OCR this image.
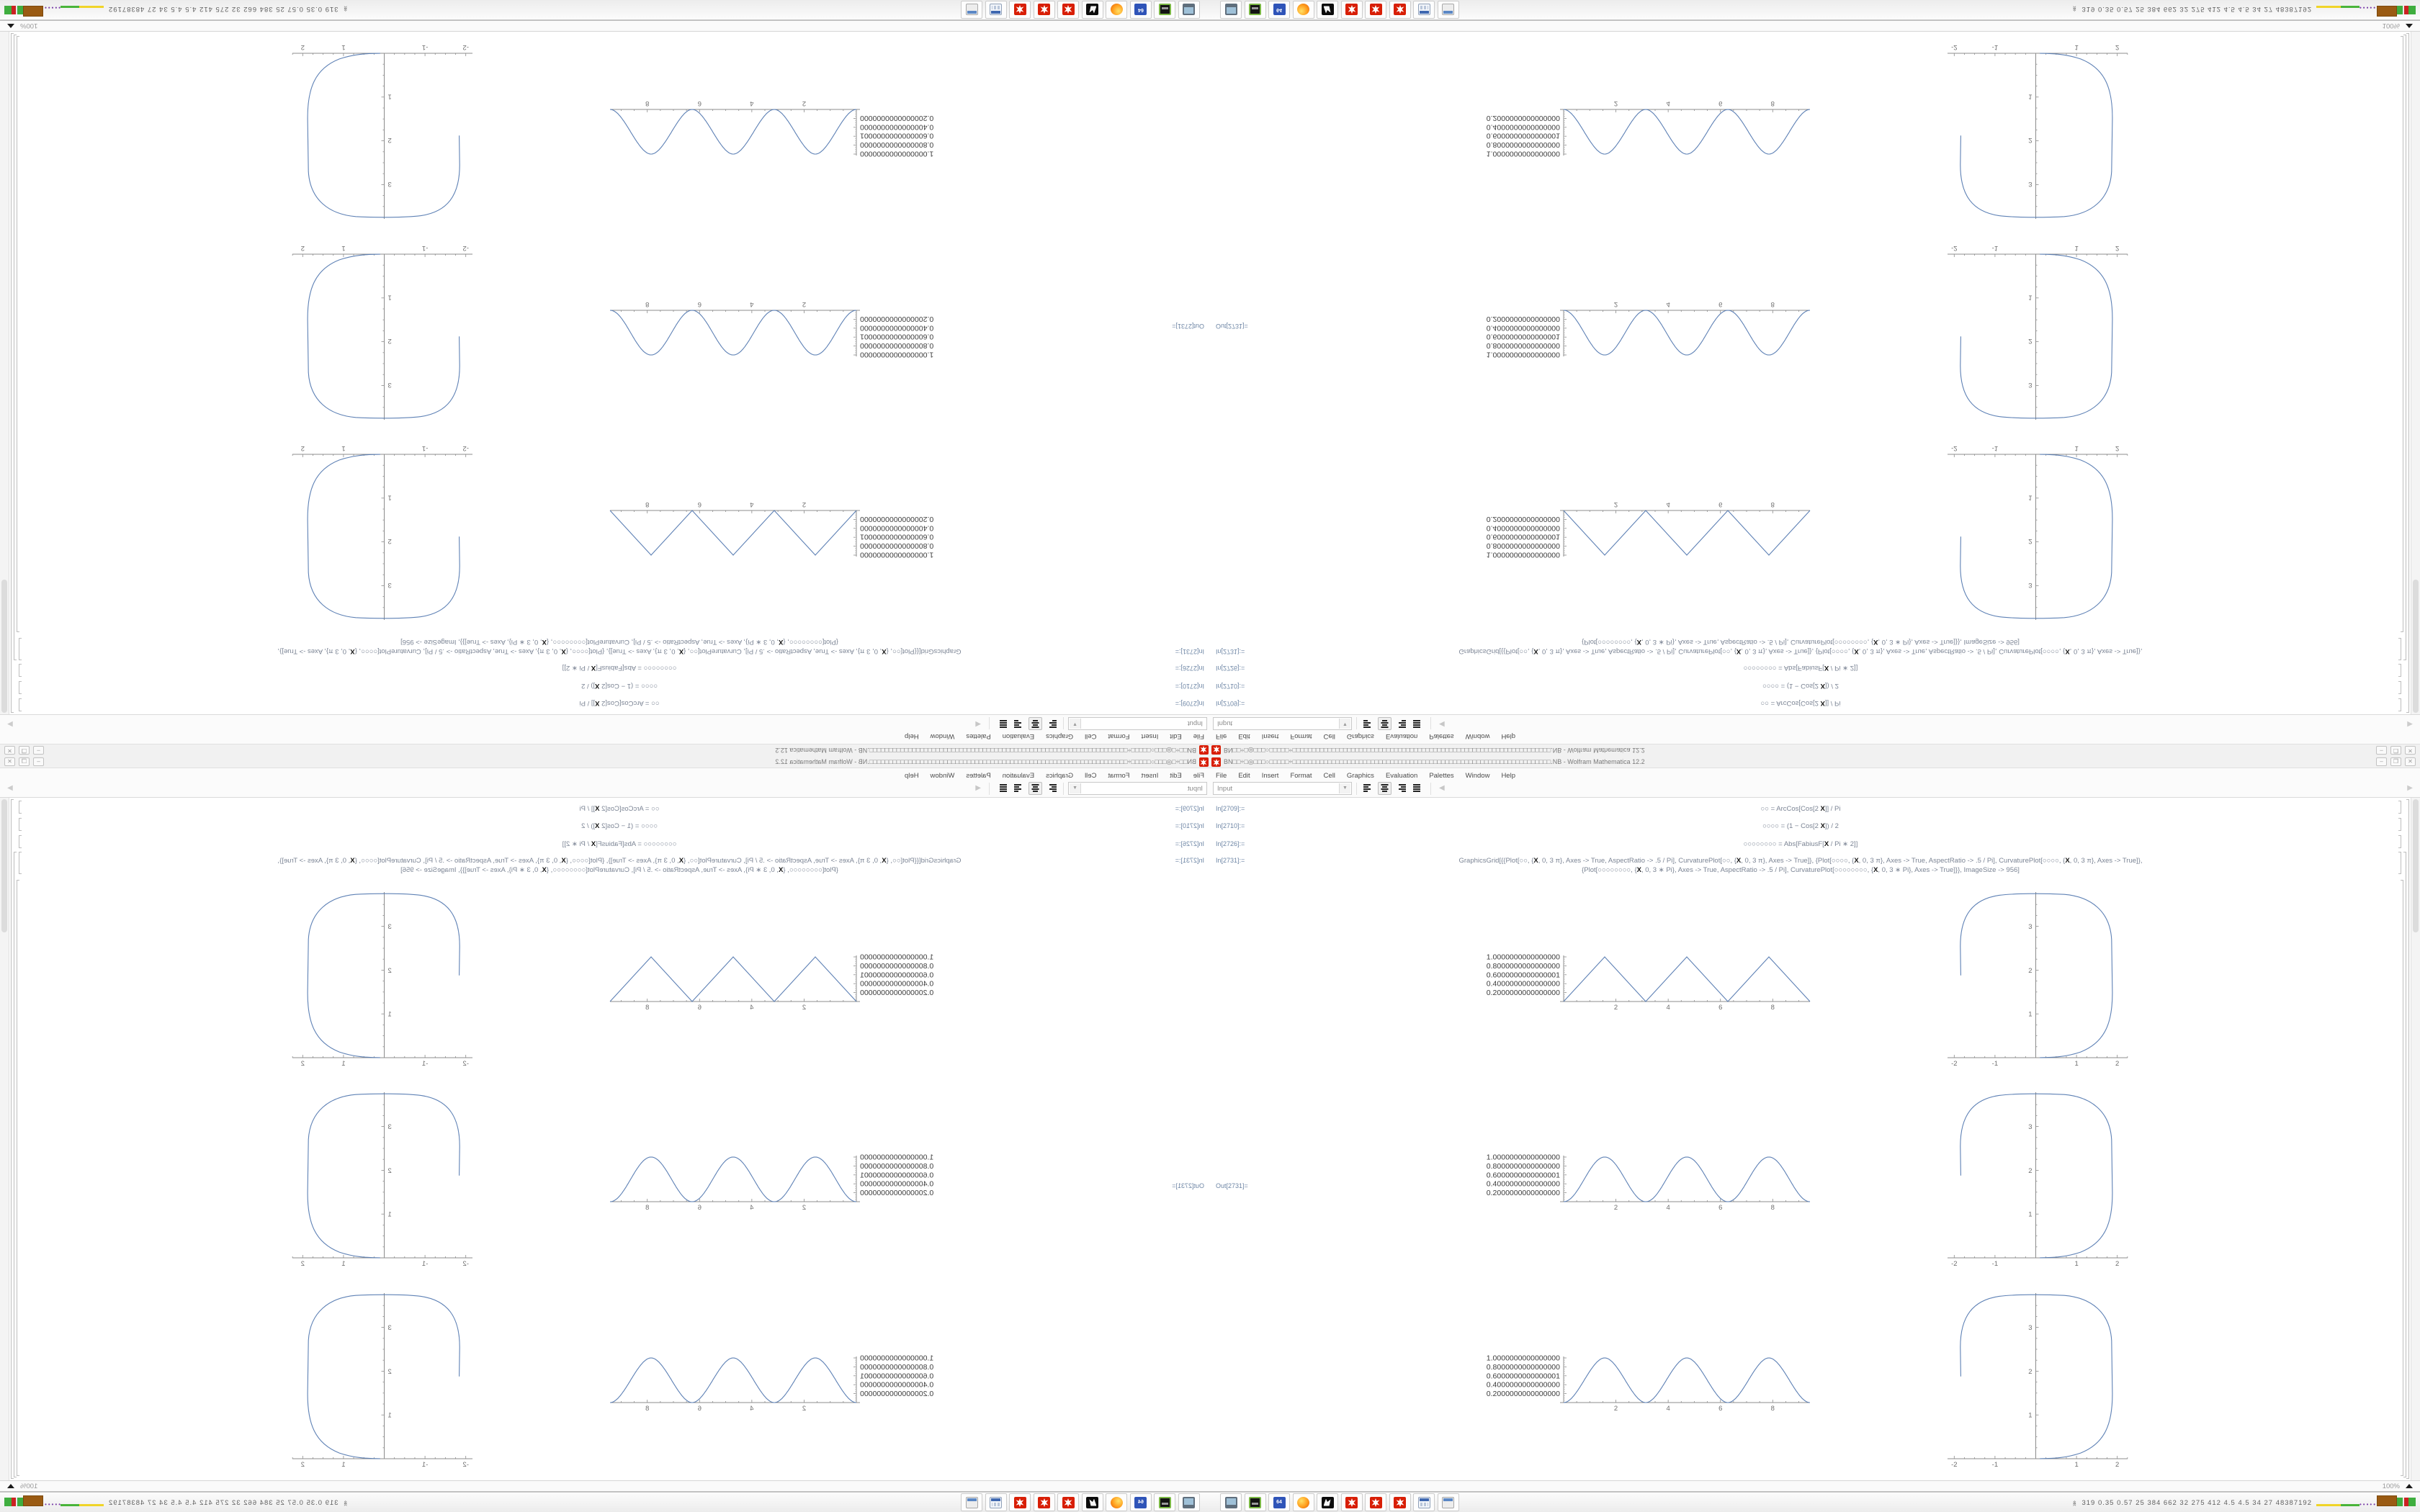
BN□□÷□◎□□□○□□□□□÷□□□□□□□□□□□□□□□□□□□□□□□□□□□□□□□□□□□□□□□□□□□□□□□□□□□□□□□□□□□□□□□□□□.NB - Wolfram Mathematica 12.2
–
❐
✕
FileEditInsertFormatCellGraphicsEvaluationPalettesWindowHelp
Input
▼
◀
▶
In[2709]:=
○○ = ArcCos[Cos[2 X]] / Pi
In[2710]:=
○○○○ = (1 − Cos[2 X]) / 2
In[2726]:=
○○○○○○○○ = Abs[FabiusF[X / Pi ∗ 2]]
In[2731]:=
GraphicsGrid[{{Plot[○○, {X, 0, 3 π}, Axes -> True, AspectRatio -> .5 / Pi], CurvaturePlot[○○, {X, 0, 3 π}, Axes -> True]}, {Plot[○○○○, {X, 0, 3 π}, Axes -> True, AspectRatio -> .5 / Pi], CurvaturePlot[○○○○, {X, 0, 3 π}, Axes -> True]},
{Plot[○○○○○○○○, {X, 0, 3 ∗ Pi}, Axes -> True, AspectRatio -> .5 / Pi], CurvaturePlot[○○○○○○○○, {X, 0, 3 ∗ Pi}, Axes -> True]}}, ImageSize -> 956]
Out[2731]=
2
4
6
8
1.0000000000000000
0.8000000000000000
0.6000000000000001
0.4000000000000000
0.2000000000000000
-2
-1
1
2
1
2
3
2
4
6
8
1.0000000000000000
0.8000000000000000
0.6000000000000001
0.4000000000000000
0.2000000000000000
-2
-1
1
2
1
2
3
2
4
6
8
1.0000000000000000
0.8000000000000000
0.6000000000000001
0.4000000000000000
0.2000000000000000
-2
-1
1
2
1
2
3
100%
64
««
319 0.35 0.57 25 384 662 32 275 412 4.5 4.5 34 27 48387192
•••••
BN□□÷□◎□□□○□□□□□÷□□□□□□□□□□□□□□□□□□□□□□□□□□□□□□□□□□□□□□□□□□□□□□□□□□□□□□□□□□□□□□□□□□.NB - Wolfram Mathematica 12.2	–	❐	✕
File Edit Insert Format Cell Graphics Evaluation Palettes Window Help
Input	▼	◀	▶
In[2709]:=	○○ = ArcCos[Cos[2 X]] / Pi
In[2710]:=	○○○○ = (1 − Cos[2 X]) / 2
In[2726]:=	○○○○○○○○ = Abs[FabiusF[X / Pi ∗ 2]]
In[2731]:=	GraphicsGrid[{{Plot[○○, {X, 0, 3 π}, Axes -> True, AspectRatio -> .5 / Pi], CurvaturePlot[○○, {X, 0, 3 π}, Axes -> True]}, {Plot[○○○○, {X, 0, 3 π}, Axes -> True, AspectRatio -> .5 / Pi], CurvaturePlot[○○○○, {X, 0, 3 π}, Axes -> True]},
{Plot[○○○○○○○○, {X, 0, 3 ∗ Pi}, Axes -> True, AspectRatio -> .5 / Pi], CurvaturePlot[○○○○○○○○, {X, 0, 3 ∗ Pi}, Axes -> True]}}, ImageSize -> 956]
Out[2731]=
2	4	6	8
1.0000000000000000
0.8000000000000000
0.6000000000000001
0.4000000000000000
0.2000000000000000
-2	-1	1	2
1
2
3
2	4	6	8
1.0000000000000000
0.8000000000000000
0.6000000000000001
0.4000000000000000
0.2000000000000000
-2	-1	1	2
1
2
3
2	4	6	8
1.0000000000000000
0.8000000000000000
0.6000000000000001
0.4000000000000000
0.2000000000000000
-2	-1	1	2
1
2
3
100%
64	«« 319 0.35 0.57 25 384 662 32 275 412 4.5 4.5 34 27 48387192	•••••
BN□□÷□◎□□□○□□□□□÷□□□□□□□□□□□□□□□□□□□□□□□□□□□□□□□□□□□□□□□□□□□□□□□□□□□□□□□□□□□□□□□□□□.NB - Wolfram Mathematica 12.2
–
❐
✕
FileEditInsertFormatCellGraphicsEvaluationPalettesWindowHelp
Input
▼
◀
▶
In[2709]:=
○○ = ArcCos[Cos[2 X]] / Pi
In[2710]:=
○○○○ = (1 − Cos[2 X]) / 2
In[2726]:=
○○○○○○○○ = Abs[FabiusF[X / Pi ∗ 2]]
In[2731]:=
GraphicsGrid[{{Plot[○○, {X, 0, 3 π}, Axes -> True, AspectRatio -> .5 / Pi], CurvaturePlot[○○, {X, 0, 3 π}, Axes -> True]}, {Plot[○○○○, {X, 0, 3 π}, Axes -> True, AspectRatio -> .5 / Pi], CurvaturePlot[○○○○, {X, 0, 3 π}, Axes -> True]},
{Plot[○○○○○○○○, {X, 0, 3 ∗ Pi}, Axes -> True, AspectRatio -> .5 / Pi], CurvaturePlot[○○○○○○○○, {X, 0, 3 ∗ Pi}, Axes -> True]}}, ImageSize -> 956]
Out[2731]=
2
4
6
8
1.0000000000000000
0.8000000000000000
0.6000000000000001
0.4000000000000000
0.2000000000000000
-2
-1
1
2
1
2
3
2
4
6
8
1.0000000000000000
0.8000000000000000
0.6000000000000001
0.4000000000000000
0.2000000000000000
-2
-1
1
2
1
2
3
2
4
6
8
1.0000000000000000
0.8000000000000000
0.6000000000000001
0.4000000000000000
0.2000000000000000
-2
-1
1
2
1
2
3
100%
64
««
319 0.35 0.57 25 384 662 32 275 412 4.5 4.5 34 27 48387192
•••••
BN□□÷□◎□□□○□□□□□÷□□□□□□□□□□□□□□□□□□□□□□□□□□□□□□□□□□□□□□□□□□□□□□□□□□□□□□□□□□□□□□□□□□.NB - Wolfram Mathematica 12.2	–	❐	✕
File Edit Insert Format Cell Graphics Evaluation Palettes Window Help
Input	▼	◀	▶
In[2709]:=	○○ = ArcCos[Cos[2 X]] / Pi
In[2710]:=	○○○○ = (1 − Cos[2 X]) / 2
In[2726]:=	○○○○○○○○ = Abs[FabiusF[X / Pi ∗ 2]]
In[2731]:=	GraphicsGrid[{{Plot[○○, {X, 0, 3 π}, Axes -> True, AspectRatio -> .5 / Pi], CurvaturePlot[○○, {X, 0, 3 π}, Axes -> True]}, {Plot[○○○○, {X, 0, 3 π}, Axes -> True, AspectRatio -> .5 / Pi], CurvaturePlot[○○○○, {X, 0, 3 π}, Axes -> True]},
{Plot[○○○○○○○○, {X, 0, 3 ∗ Pi}, Axes -> True, AspectRatio -> .5 / Pi], CurvaturePlot[○○○○○○○○, {X, 0, 3 ∗ Pi}, Axes -> True]}}, ImageSize -> 956]
Out[2731]=
2	4	6	8
1.0000000000000000
0.8000000000000000
0.6000000000000001
0.4000000000000000
0.2000000000000000
-2	-1	1	2
1
2
3
2	4	6	8
1.0000000000000000
0.8000000000000000
0.6000000000000001
0.4000000000000000
0.2000000000000000
-2	-1	1	2
1
2
3
2	4	6	8
1.0000000000000000
0.8000000000000000
0.6000000000000001
0.4000000000000000
0.2000000000000000
-2	-1	1	2
1
2
3
100%
64	«« 319 0.35 0.57 25 384 662 32 275 412 4.5 4.5 34 27 48387192	•••••
